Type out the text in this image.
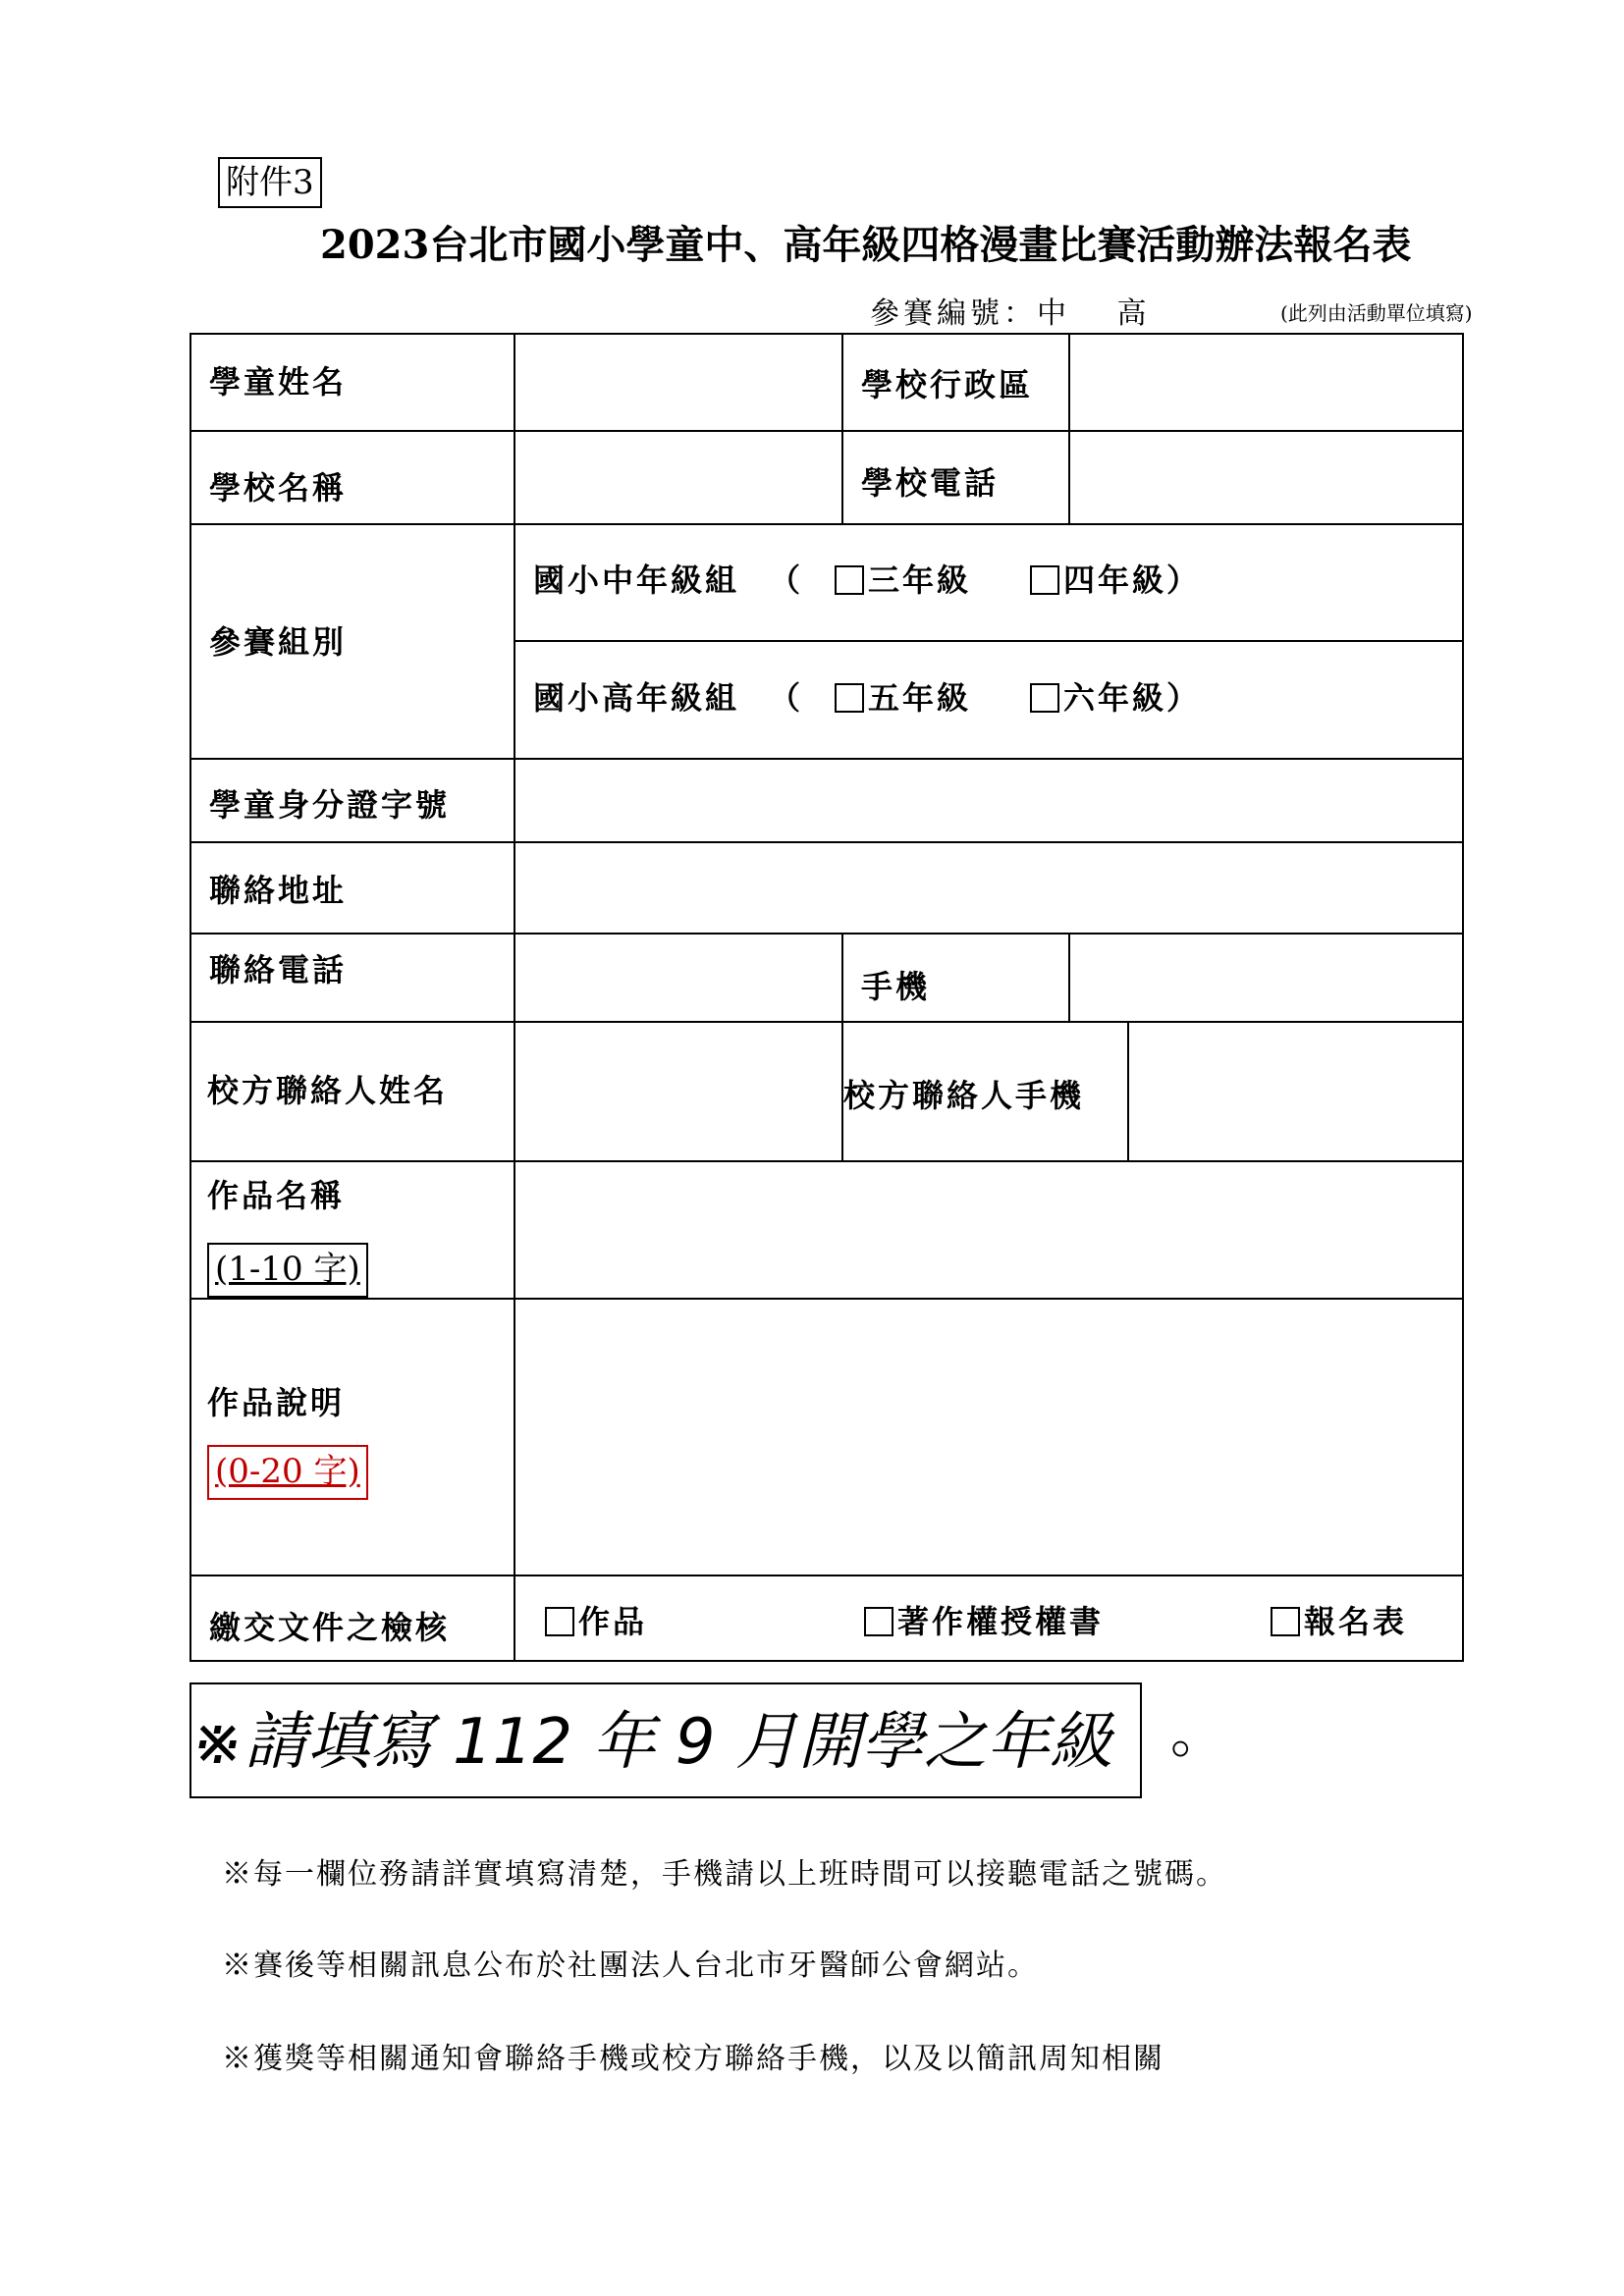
附件3
2023台北市國小學童中、高年級四格漫畫比賽活動辦法報名表
參賽編號：中　 高	(此列由活動單位填寫)
學童姓名	學校行政區
學校名稱	學校電話
參賽組別
國小中年級組 （ 三年級	四年級）
國小高年級組 （ 五年級	六年級）
學童身分證字號
聯絡地址
聯絡電話	手機
校方聯絡人姓名	校方聯絡人手機
作品名稱
(1-10 字)
作品說明
(0-20 字)
繳交文件之檢核	作品	著作權授權書	報名表
※請填寫 112 年 9 月開學之年級	。
※每一欄位務請詳實填寫清楚，手機請以上班時間可以接聽電話之號碼。
※賽後等相關訊息公布於社團法人台北市牙醫師公會網站。
※獲獎等相關通知會聯絡手機或校方聯絡手機，以及以簡訊周知相關
